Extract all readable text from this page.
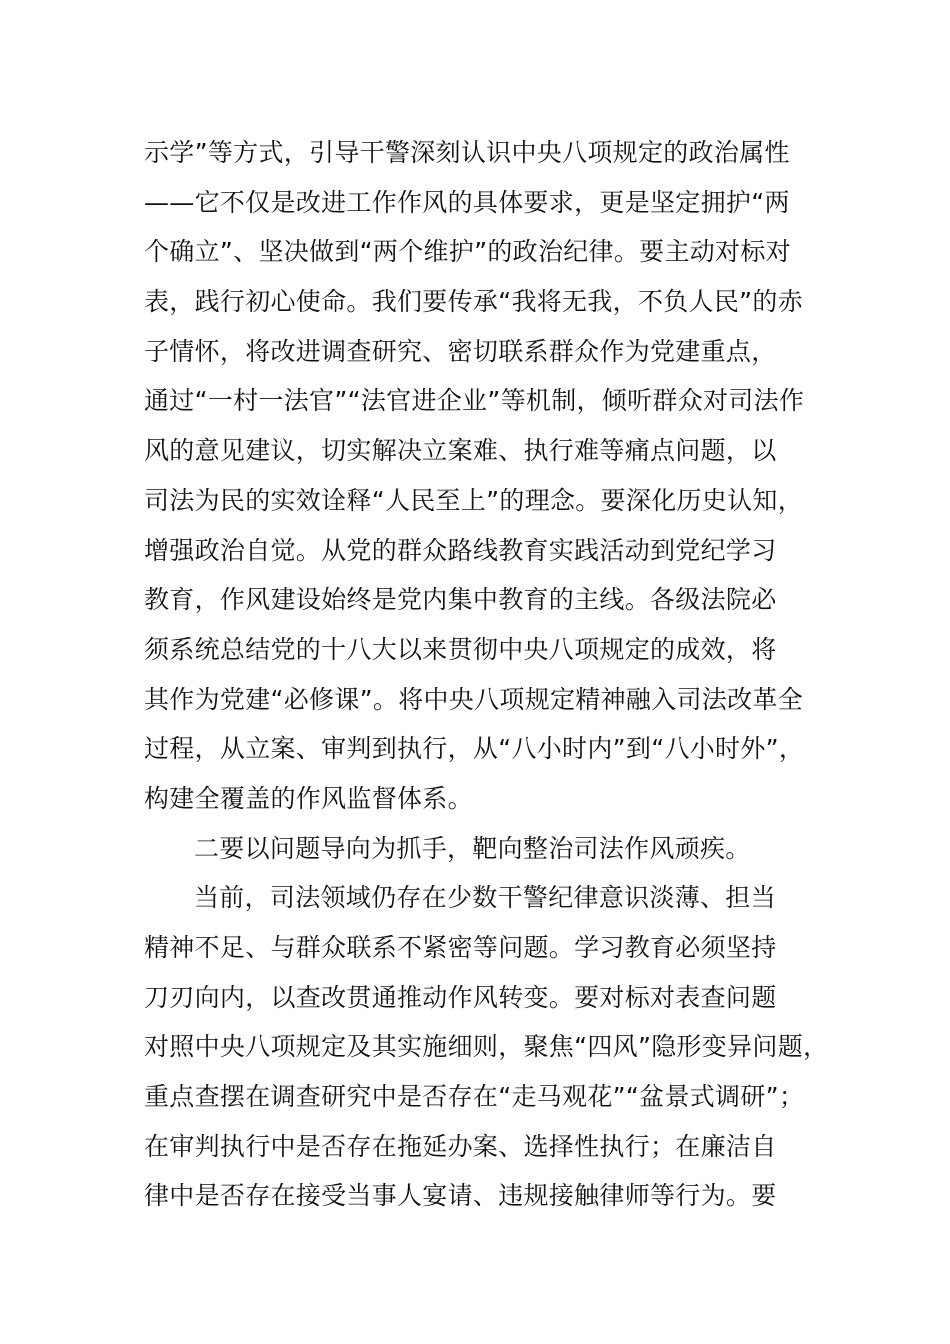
示学”等方式，引导干警深刻认识中央八项规定的政治属性
——它不仅是改进工作作风的具体要求，更是坚定拥护“两
个确立”、坚决做到“两个维护”的政治纪律。要主动对标对
表，践行初心使命。我们要传承“我将无我，不负人民”的赤
子情怀，将改进调查研究、密切联系群众作为党建重点，
通过“一村一法官”“法官进企业”等机制，倾听群众对司法作
风的意见建议，切实解决立案难、执行难等痛点问题，以
司法为民的实效诠释“人民至上”的理念。要深化历史认知，
增强政治自觉。从党的群众路线教育实践活动到党纪学习
教育，作风建设始终是党内集中教育的主线。各级法院必
须系统总结党的十八大以来贯彻中央八项规定的成效，将
其作为党建“必修课”。将中央八项规定精神融入司法改革全
过程，从立案、审判到执行，从“八小时内”到“八小时外”，
构建全覆盖的作风监督体系。
二要以问题导向为抓手，靶向整治司法作风顽疾。
当前，司法领域仍存在少数干警纪律意识淡薄、担当
精神不足、与群众联系不紧密等问题。学习教育必须坚持
刀刃向内，以查改贯通推动作风转变。要对标对表查问题
对照中央八项规定及其实施细则，聚焦“四风”隐形变异问题，
重点查摆在调查研究中是否存在“走马观花”“盆景式调研”；
在审判执行中是否存在拖延办案、选择性执行；在廉洁自
律中是否存在接受当事人宴请、违规接触律师等行为。要
